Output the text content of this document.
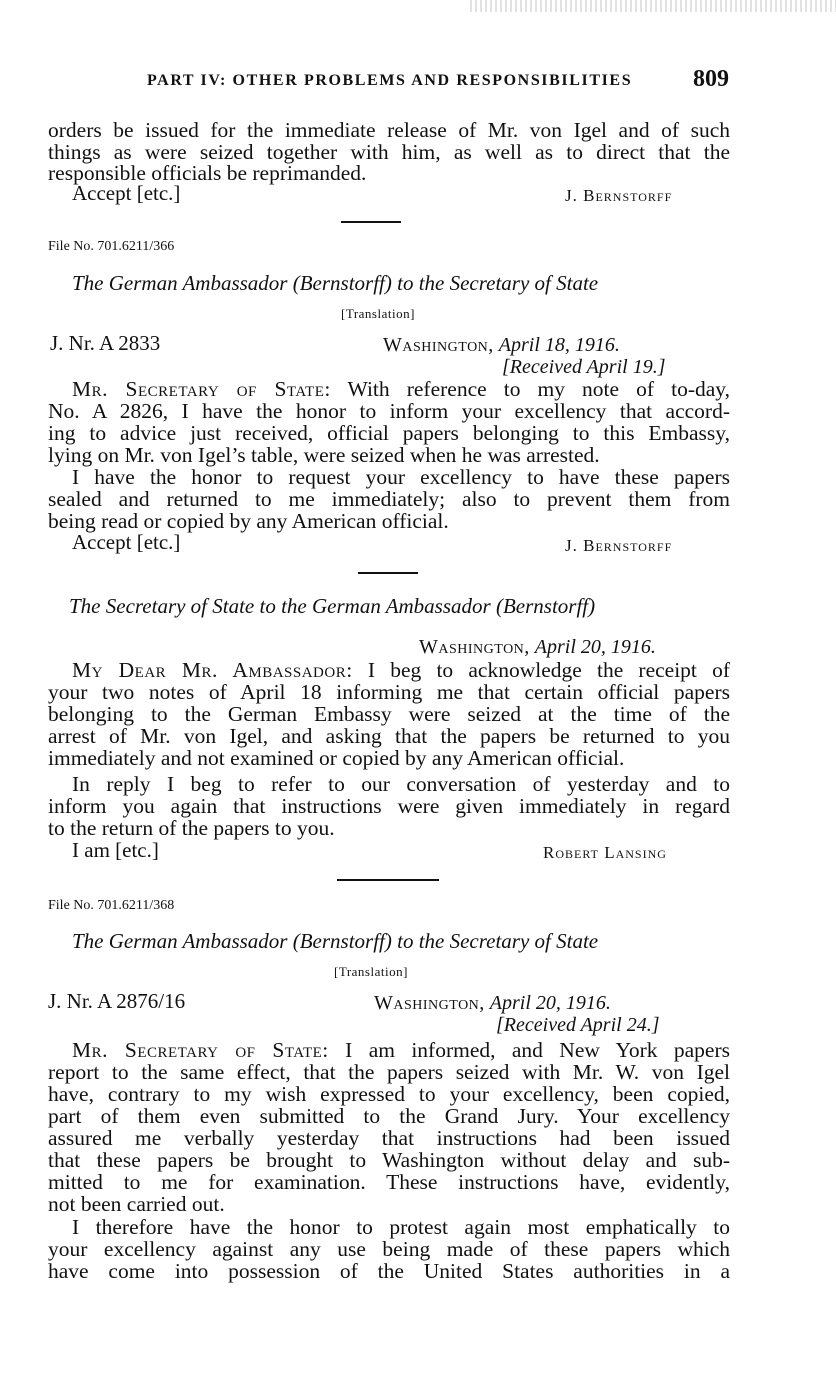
PART IV: OTHER PROBLEMS AND RESPONSIBILITIES	809
orders be issued for the immediate release of Mr. von Igel and of such
things as were seized together with him, as well as to direct that the
responsible officials be reprimanded.
Accept [etc.]	J. Bernstorff
File No. 701.6211/366
The German Ambassador (Bernstorff) to the Secretary of State
[Translation]
J. Nr. A 2833	Washington, April 18, 1916.
[Received April 19.]
Mr. Secretary of State: With reference to my note of to-day,
No. A 2826, I have the honor to inform your excellency that accord-
ing to advice just received, official papers belonging to this Embassy,
lying on Mr. von Igel’s table, were seized when he was arrested.
I have the honor to request your excellency to have these papers
sealed and returned to me immediately; also to prevent them from
being read or copied by any American official.
Accept [etc.]	J. Bernstorff
The Secretary of State to the German Ambassador (Bernstorff)
Washington, April 20, 1916.
My Dear Mr. Ambassador: I beg to acknowledge the receipt of
your two notes of April 18 informing me that certain official papers
belonging to the German Embassy were seized at the time of the
arrest of Mr. von Igel, and asking that the papers be returned to you
immediately and not examined or copied by any American official.
In reply I beg to refer to our conversation of yesterday and to
inform you again that instructions were given immediately in regard
to the return of the papers to you.
I am [etc.]	Robert Lansing
File No. 701.6211/368
The German Ambassador (Bernstorff) to the Secretary of State
[Translation]
J. Nr. A 2876/16	Washington, April 20, 1916.
[Received April 24.]
Mr. Secretary of State: I am informed, and New York papers
report to the same effect, that the papers seized with Mr. W. von Igel
have, contrary to my wish expressed to your excellency, been copied,
part of them even submitted to the Grand Jury. Your excellency
assured me verbally yesterday that instructions had been issued
that these papers be brought to Washington without delay and sub-
mitted to me for examination. These instructions have, evidently,
not been carried out.
I therefore have the honor to protest again most emphatically to
your excellency against any use being made of these papers which
have come into possession of the United States authorities in a
